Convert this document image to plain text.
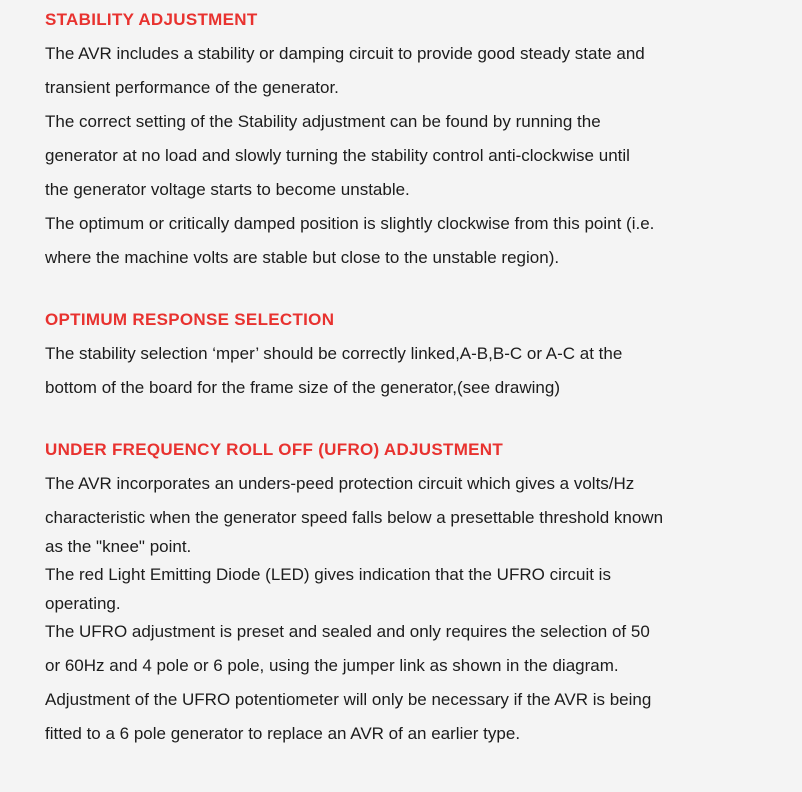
STABILITY ADJUSTMENT

The AVR includes a stability or damping circuit to provide good steady state and

transient performance of the generator.

The correct setting of the Stability adjustment can be found by running the

generator at no load and slowly turning the stability control anti-clockwise until

the generator voltage starts to become unstable.

The optimum or critically damped position is slightly clockwise from this point (i.e.

where the machine volts are stable but close to the unstable region).

OPTIMUM RESPONSE SELECTION

The stability selection ‘mper’ should be correctly linked,A-B,B-C or A-C at the

bottom of the board for the frame size of the generator,(see drawing)

UNDER FREQUENCY ROLL OFF (UFRO) ADJUSTMENT

The AVR incorporates an unders-peed protection circuit which gives a volts/Hz

characteristic when the generator speed falls below a presettable threshold known

as the "knee" point.

The red Light Emitting Diode (LED) gives indication that the UFRO circuit is

operating.

The UFRO adjustment is preset and sealed and only requires the selection of 50

or 60Hz and 4 pole or 6 pole, using the jumper link as shown in the diagram.

Adjustment of the UFRO potentiometer will only be necessary if the AVR is being

fitted to a 6 pole generator to replace an AVR of an earlier type.
